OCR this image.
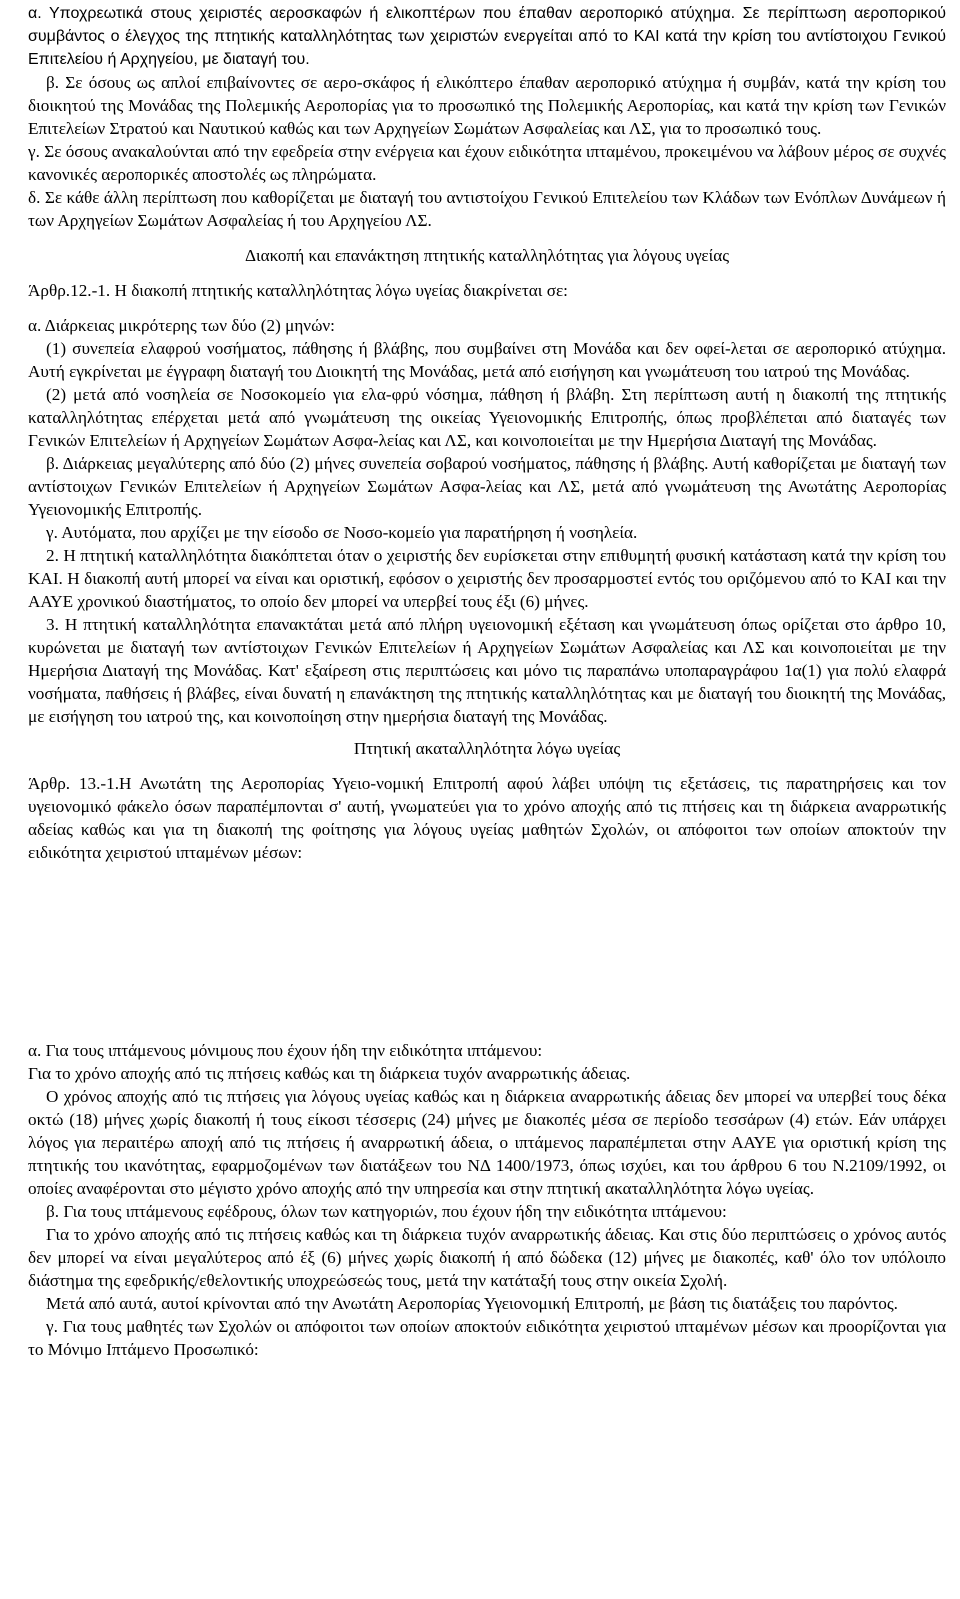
α. Υποχρεωτικά στους χειριστές αεροσκαφών ή ελικοπτέρων που έπαθαν αεροπορικό ατύχημα. Σε περίπτωση αεροπορικού συμβάντος ο έλεγχος της πτητικής καταλληλότητας των χειριστών ενεργείται από το ΚΑΙ κατά την κρίση του αντίστοιχου Γενικού Επιτελείου ή Αρχηγείου, με διαταγή του.

β. Σε όσους ως απλοί επιβαίνοντες σε αερο-σκάφος ή ελικόπτερο έπαθαν αεροπορικό ατύχημα ή συμβάν, κατά την κρίση του διοικητού της Μονάδας της Πολεμικής Αεροπορίας για το προσωπικό της Πολεμικής Αεροπορίας, και κατά την κρίση των Γενικών Επιτελείων Στρατού και Ναυτικού καθώς και των Αρχηγείων Σωμάτων Ασφαλείας και ΛΣ, για το προσωπικό τους.

γ. Σε όσους ανακαλούνται από την εφεδρεία στην ενέργεια και έχουν ειδικότητα ιπταμένου, προκειμένου να λάβουν μέρος σε συχνές κανονικές αεροπορικές αποστολές ως πληρώματα.

δ. Σε κάθε άλλη περίπτωση που καθορίζεται με διαταγή του αντιστοίχου Γενικού Επιτελείου των Κλάδων των Ενόπλων Δυνάμεων ή των Αρχηγείων Σωμάτων Ασφαλείας ή του Αρχηγείου ΛΣ.

Διακοπή και επανάκτηση πτητικής καταλληλότητας για λόγους υγείας

Άρθρ.12.-1. Η διακοπή πτητικής καταλληλότητας λόγω υγείας διακρίνεται σε:

α. Διάρκειας μικρότερης των δύο (2) μηνών:

(1) συνεπεία ελαφρού νοσήματος, πάθησης ή βλάβης, που συμβαίνει στη Μονάδα και δεν οφεί-λεται σε αεροπορικό ατύχημα. Αυτή εγκρίνεται με έγγραφη διαταγή του Διοικητή της Μονάδας, μετά από εισήγηση και γνωμάτευση του ιατρού της Μονάδας.

(2) μετά από νοσηλεία σε Νοσοκομείο για ελα-φρύ νόσημα, πάθηση ή βλάβη. Στη περίπτωση αυτή η διακοπή της πτητικής καταλληλότητας επέρχεται μετά από γνωμάτευση της οικείας Υγειονομικής Επιτροπής, όπως προβλέπεται από διαταγές των Γενικών Επιτελείων ή Αρχηγείων Σωμάτων Ασφα-λείας και ΛΣ, και κοινοποιείται με την Ημερήσια Διαταγή της Μονάδας.

β. Διάρκειας μεγαλύτερης από δύο (2) μήνες συνεπεία σοβαρού νοσήματος, πάθησης ή βλάβης. Αυτή καθορίζεται με διαταγή των αντίστοιχων Γενικών Επιτελείων ή Αρχηγείων Σωμάτων Ασφα-λείας και ΛΣ, μετά από γνωμάτευση της Ανωτάτης Αεροπορίας Υγειονομικής Επιτροπής.

γ. Αυτόματα, που αρχίζει με την είσοδο σε Νοσο-κομείο για παρατήρηση ή νοσηλεία.

2. Η πτητική καταλληλότητα διακόπτεται όταν ο χειριστής δεν ευρίσκεται στην επιθυμητή φυσική κατάσταση κατά την κρίση του ΚΑΙ. Η διακοπή αυτή μπορεί να είναι και οριστική, εφόσον ο χειριστής δεν προσαρμοστεί εντός του οριζόμενου από το ΚΑΙ και την ΑΑΥΕ χρονικού διαστήματος, το οποίο δεν μπορεί να υπερβεί τους έξι (6) μήνες.

3. Η πτητική καταλληλότητα επανακτάται μετά από πλήρη υγειονομική εξέταση και γνωμάτευση όπως ορίζεται στο άρθρο 10, κυρώνεται με διαταγή των αντίστοιχων Γενικών Επιτελείων ή Αρχηγείων Σωμάτων Ασφαλείας και ΛΣ και κοινοποιείται με την Ημερήσια Διαταγή της Μονάδας. Κατ' εξαίρεση στις περιπτώσεις και μόνο τις παραπάνω υποπαραγράφου 1α(1) για πολύ ελαφρά νοσήματα, παθήσεις ή βλάβες, είναι δυνατή η επανάκτηση της πτητικής καταλληλότητας και με διαταγή του διοικητή της Μονάδας, με εισήγηση του ιατρού της, και κοινοποίηση στην ημερήσια διαταγή της Μονάδας.

Πτητική ακαταλληλότητα λόγω υγείας

Άρθρ. 13.-1.Η Ανωτάτη της Αεροπορίας Υγειο-νομική Επιτροπή αφού λάβει υπόψη τις εξετάσεις, τις παρατηρήσεις και τον υγειονομικό φάκελο όσων παραπέμπονται σ' αυτή, γνωματεύει για το χρόνο αποχής από τις πτήσεις και τη διάρκεια αναρρωτικής αδείας καθώς και για τη διακοπή της φοίτησης για λόγους υγείας μαθητών Σχολών, οι απόφοιτοι των οποίων αποκτούν την ειδικότητα χειριστού ιπταμένων μέσων:

α. Για τους ιπτάμενους μόνιμους που έχουν ήδη την ειδικότητα ιπτάμενου:

Για το χρόνο αποχής από τις πτήσεις καθώς και τη διάρκεια τυχόν αναρρωτικής άδειας.

Ο χρόνος αποχής από τις πτήσεις για λόγους υγείας καθώς και η διάρκεια αναρρωτικής άδειας δεν μπορεί να υπερβεί τους δέκα οκτώ (18) μήνες χωρίς διακοπή ή τους είκοσι τέσσερις (24) μήνες με διακοπές μέσα σε περίοδο τεσσάρων (4) ετών. Εάν υπάρχει λόγος για περαιτέρω αποχή από τις πτήσεις ή αναρρωτική άδεια, ο ιπτάμενος παραπέμπεται στην ΑΑΥΕ για οριστική κρίση της πτητικής του ικανότητας, εφαρμοζομένων των διατάξεων του ΝΔ 1400/1973, όπως ισχύει, και του άρθρου 6 του Ν.2109/1992, οι οποίες αναφέρονται στο μέγιστο χρόνο αποχής από την υπηρεσία και στην πτητική ακαταλληλότητα λόγω υγείας.

β. Για τους ιπτάμενους εφέδρους, όλων των κατηγοριών, που έχουν ήδη την ειδικότητα ιπτάμενου:

Για το χρόνο αποχής από τις πτήσεις καθώς και τη διάρκεια τυχόν αναρρωτικής άδειας. Και στις δύο περιπτώσεις ο χρόνος αυτός δεν μπορεί να είναι μεγαλύτερος από έξ (6) μήνες χωρίς διακοπή ή από δώδεκα (12) μήνες με διακοπές, καθ' όλο τον υπόλοιπο διάστημα της εφεδρικής/εθελοντικής υποχρεώσεώς τους, μετά την κατάταξή τους στην οικεία Σχολή.

Μετά από αυτά, αυτοί κρίνονται από την Ανωτάτη Αεροπορίας Υγειονομική Επιτροπή, με βάση τις διατάξεις του παρόντος.

γ. Για τους μαθητές των Σχολών οι απόφοιτοι των οποίων αποκτούν ειδικότητα χειριστού ιπταμένων μέσων και προορίζονται για το Μόνιμο Ιπτάμενο Προσωπικό:
